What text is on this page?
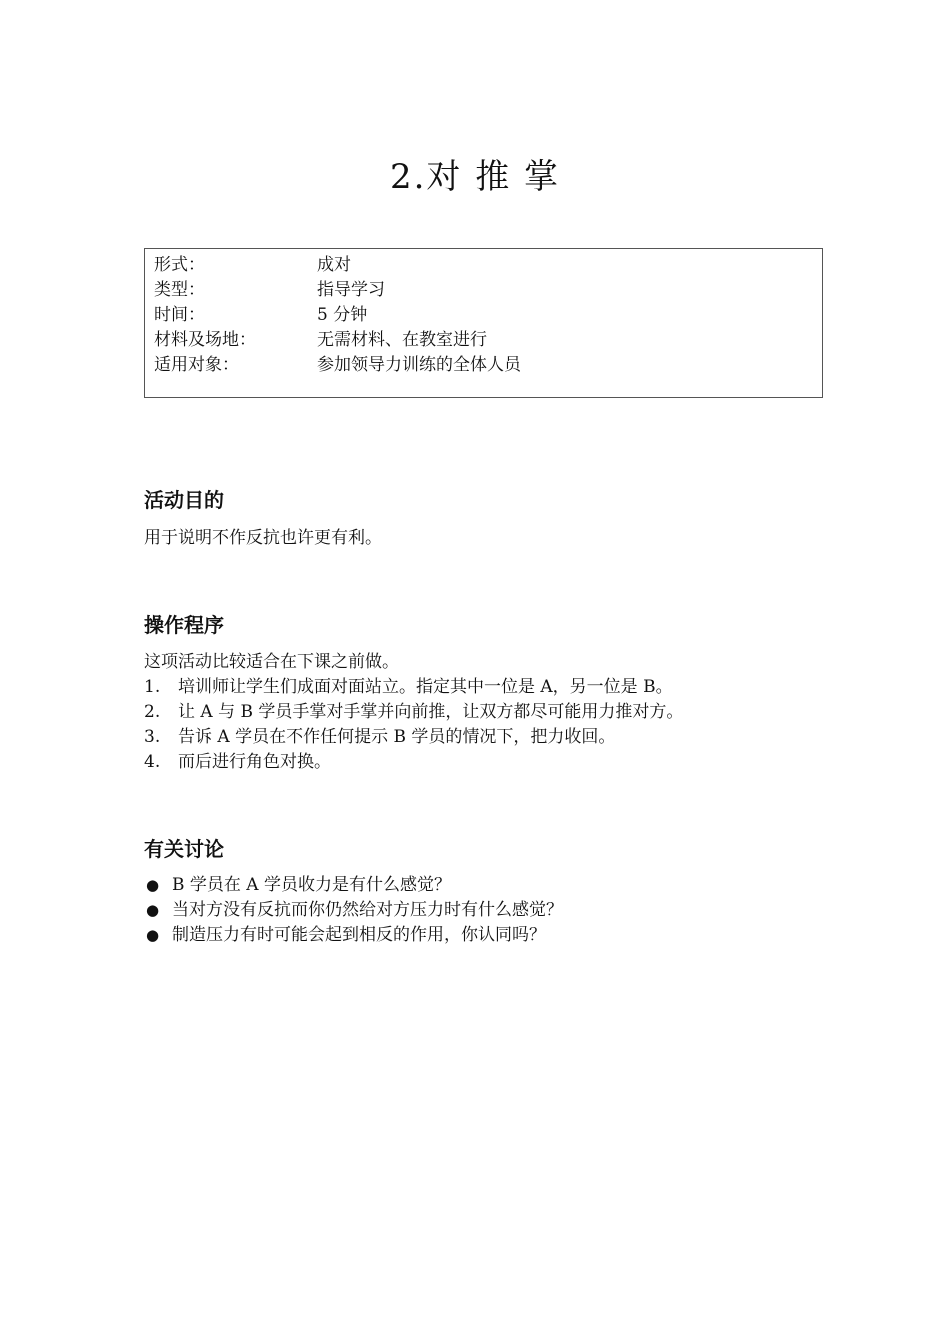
2.对 推 掌
形式：	成对
类型：	指导学习
时间：	5 分钟
材料及场地：	无需材料、在教室进行
适用对象：	参加领导力训练的全体人员
活动目的
用于说明不作反抗也许更有利。
操作程序
这项活动比较适合在下课之前做。
1.	培训师让学生们成面对面站立。指定其中一位是 A，另一位是 B。
2.	让 A 与 B 学员手掌对手掌并向前推，让双方都尽可能用力推对方。
3.	告诉 A 学员在不作任何提示 B 学员的情况下，把力收回。
4.	而后进行角色对换。
有关讨论
● B 学员在 A 学员收力是有什么感觉？
● 当对方没有反抗而你仍然给对方压力时有什么感觉？
● 制造压力有时可能会起到相反的作用，你认同吗？
